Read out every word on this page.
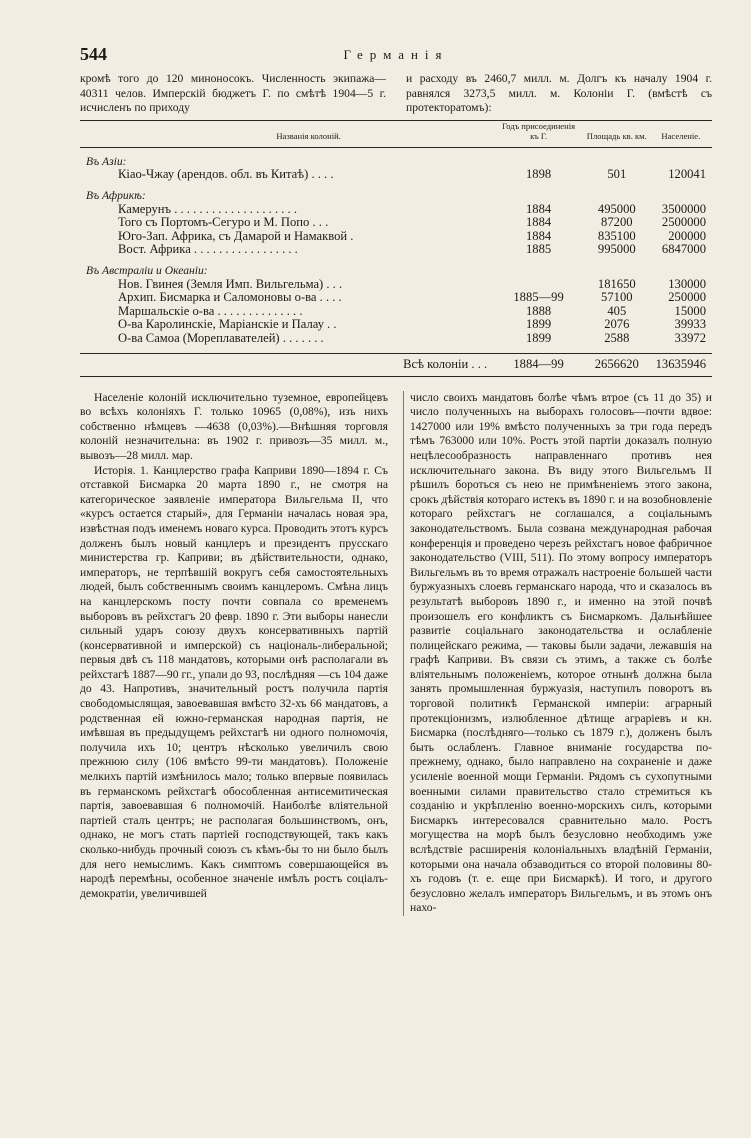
544	Германія

кромѣ того до 120 миноносокъ. Численность экипажа—40311 челов. Имперскій бюджетъ Г. по смѣтѣ 1904—5 г. исчисленъ по приходу

и расходу въ 2460,7 милл. м. Долгъ къ началу 1904 г. равнялся 3273,5 милл. м. Колоніи Г. (вмѣстѣ съ протекторатомъ):

Названія колоній.	Годъ присоединенія къ Г.	Площадь кв. км.	Населеніе.
Въ Азіи:			
Кіао-Чжау (арендов. обл. въ Китаѣ) . . . .	1898	501	120041
Въ Африкѣ:			
Камерунъ . . . . . . . . . . . . . . . . . . . .	1884	495000	3500000
Того съ Портомъ-Сегуро и М. Попо . . .	1884	87200	2500000
Юго-Зап. Африка, съ Дамарой и Намаквой .	1884	835100	200000
Вост. Африка . . . . . . . . . . . . . . . . .	1885	995000	6847000
Въ Австраліи и Океаніи:			
Нов. Гвинея (Земля Имп. Вильгельма) . . .		181650	130000
Архип. Бисмарка и Саломоновы о-ва . . . .	1885—99	57100	250000
Маршальскіе о-ва . . . . . . . . . . . . . .	1888	405	15000
О-ва Каролинскіе, Маріанскіе и Палау . .	1899	2076	39933
О-ва Самоа (Мореплавателей) . . . . . . .	1899	2588	33972

Всѣ колоніи . . .	1884—99	2656620	13635946

Населеніе колоній исключительно туземное, европейцевъ во всѣхъ колоніяхъ Г. только 10965 (0,08%), изъ нихъ собственно нѣмцевъ —4638 (0,03%).—Внѣшняя торговля колоній незначительна: въ 1902 г. привозъ—35 милл. м., вывозъ—28 милл. мар.

Исторія. 1. Канцлерство графа Каприви 1890—1894 г. Съ отставкой Бисмарка 20 марта 1890 г., не смотря на категорическое заявленіе императора Вильгельма II, что «курсъ остается старый», для Германіи началась новая эра, извѣстная подъ именемъ новаго курса. Проводить этотъ курсъ долженъ былъ новый канцлеръ и президентъ прусскаго министерства гр. Каприви; въ дѣйствительности, однако, императоръ, не терпѣвшій вокругъ себя самостоятельныхъ людей, былъ собственнымъ своимъ канцлеромъ. Смѣна лицъ на канцлерскомъ посту почти совпала со временемъ выборовъ въ рейхстагъ 20 февр. 1890 г. Эти выборы нанесли сильный ударъ союзу двухъ консервативныхъ партій (консервативной и имперской) съ національ-либеральной; первыя двѣ съ 118 мандатовъ, которыми онѣ располагали въ рейхстагѣ 1887—90 гг., упали до 93, послѣдняя —съ 104 даже до 43. Напротивъ, значительный ростъ получила партія свободомыслящая, завоевавшая вмѣсто 32-хъ 66 мандатовъ, а родственная ей южно-германская народная партія, не имѣвшая въ предыдущемъ рейхстагѣ ни одного полномочія, получила ихъ 10; центръ нѣсколько увеличилъ свою прежнюю силу (106 вмѣсто 99-ти мандатовъ). Положеніе мелкихъ партій измѣнилось мало; только впервые появилась въ германскомъ рейхстагѣ обособленная антисемитическая партія, завоевавшая 6 полномочій. Наиболѣе вліятельной партіей сталъ центръ; не располагая большинствомъ, онъ, однако, не могъ стать партіей господствующей, такъ какъ сколько-нибудь прочный союзъ съ кѣмъ-бы то ни было былъ для него немыслимъ. Какъ симптомъ совершающейся въ народѣ перемѣны, особенное значеніе имѣлъ ростъ соціалъ-демократіи, увеличившей

число своихъ мандатовъ болѣе чѣмъ втрое (съ 11 до 35) и число полученныхъ на выборахъ голосовъ—почти вдвое: 1427000 или 19% вмѣсто полученныхъ за три года передъ тѣмъ 763000 или 10%. Ростъ этой партіи доказалъ полную нецѣлесообразность направленнаго противъ нея исключительнаго закона. Въ виду этого Вильгельмъ II рѣшилъ бороться съ нею не примѣненіемъ этого закона, срокъ дѣйствія котораго истекъ въ 1890 г. и на возобновленіе котораго рейхстагъ не соглашался, а соціальнымъ законодательствомъ. Была созвана международная рабочая конференція и проведено черезъ рейхстагъ новое фабричное законодательство (VIII, 511). По этому вопросу императоръ Вильгельмъ въ то время отражалъ настроеніе большей части буржуазныхъ слоевъ германскаго народа, что и сказалось въ результатѣ выборовъ 1890 г., и именно на этой почвѣ произошелъ его конфликтъ съ Бисмаркомъ. Дальнѣйшее развитіе соціальнаго законодательства и ослабленіе полицейскаго режима, — таковы были задачи, лежавшія на графѣ Каприви. Въ связи съ этимъ, а также съ болѣе вліятельнымъ положеніемъ, которое отнынѣ должна была занять промышленная буржуазія, наступилъ поворотъ въ торговой политикѣ Германской имперіи: аграрный протекціонизмъ, излюбленное дѣтище аграріевъ и кн. Бисмарка (послѣдняго—только съ 1879 г.), долженъ былъ быть ослабленъ. Главное вниманіе государства по-прежнему, однако, было направлено на сохраненіе и даже усиленіе военной мощи Германіи. Рядомъ съ сухопутными военными силами правительство стало стремиться къ созданію и укрѣпленію военно-морскихъ силъ, которыми Бисмаркъ интересовался сравнительно мало. Ростъ могущества на морѣ былъ безусловно необходимъ уже вслѣдствіе расширенія колоніальныхъ владѣній Германіи, которыми она начала обзаводиться со второй половины 80-хъ годовъ (т. е. еще при Бисмаркѣ). И того, и другого безусловно желалъ императоръ Вильгельмъ, и въ этомъ онъ нахо-
